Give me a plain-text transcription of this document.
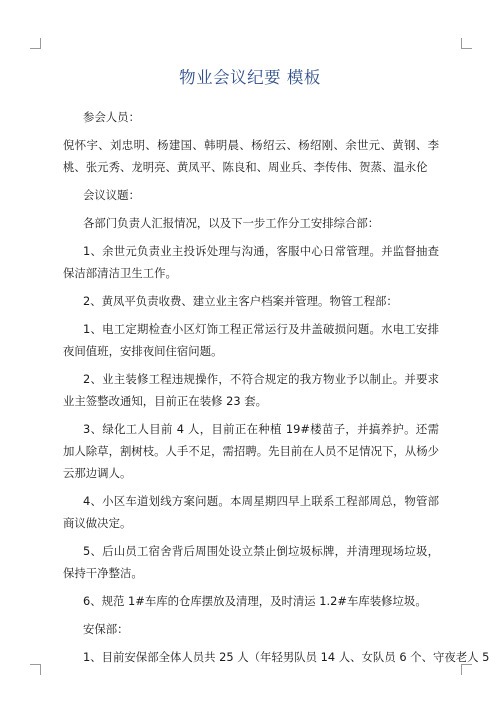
物业会议纪要 模板

参会人员：

倪怀宇、刘忠明、杨建国、韩明晨、杨绍云、杨绍刚、余世元、黄钢、李桃、张元秀、龙明亮、黄凤平、陈良和、周业兵、李传伟、贺蒸、温永伦

会议议题：

各部门负责人汇报情况，以及下一步工作分工安排综合部：

1、余世元负责业主投诉处理与沟通，客服中心日常管理。并监督抽查保洁部清洁卫生工作。

2、黄凤平负责收费、建立业主客户档案并管理。物管工程部：

1、电工定期检查小区灯饰工程正常运行及井盖破损问题。水电工安排夜间值班，安排夜间住宿问题。

2、业主装修工程违规操作，不符合规定的我方物业予以制止。并要求业主签整改通知，目前正在装修 23 套。

3、绿化工人目前 4 人，目前正在种植 19#楼苗子，并搞养护。还需加人除草，割树枝。人手不足，需招聘。先目前在人员不足情况下，从杨少云那边调人。

4、小区车道划线方案问题。本周星期四早上联系工程部周总，物管部商议做决定。

5、后山员工宿舍背后周围处设立禁止倒垃圾标牌，并清理现场垃圾，保持干净整洁。

6、规范 1#车库的仓库摆放及清理，及时清运 1.2#车库装修垃圾。

安保部：

1、目前安保部全体人员共 25 人（年轻男队员 14 人、女队员 6 个、守夜老人 5
